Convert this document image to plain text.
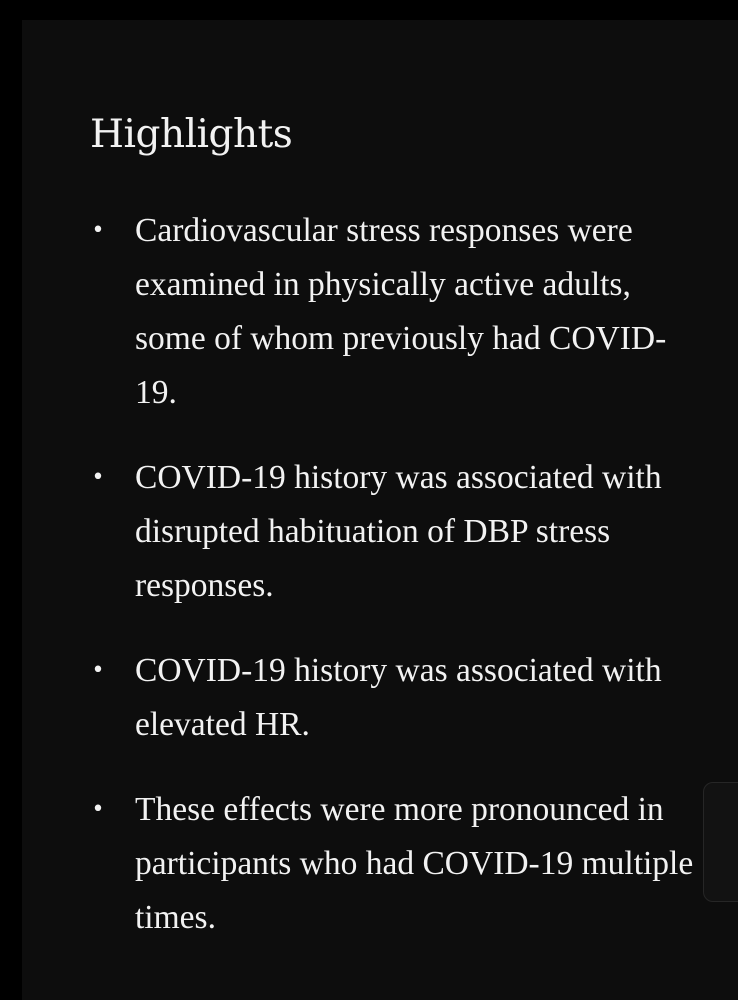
Highlights
• Cardiovascular stress responses were examined in physically active adults, some of whom previously had COVID-19.
• COVID-19 history was associated with disrupted habituation of DBP stress responses.
• COVID-19 history was associated with elevated HR.
• These effects were more pronounced in participants who had COVID-19 multiple times.
